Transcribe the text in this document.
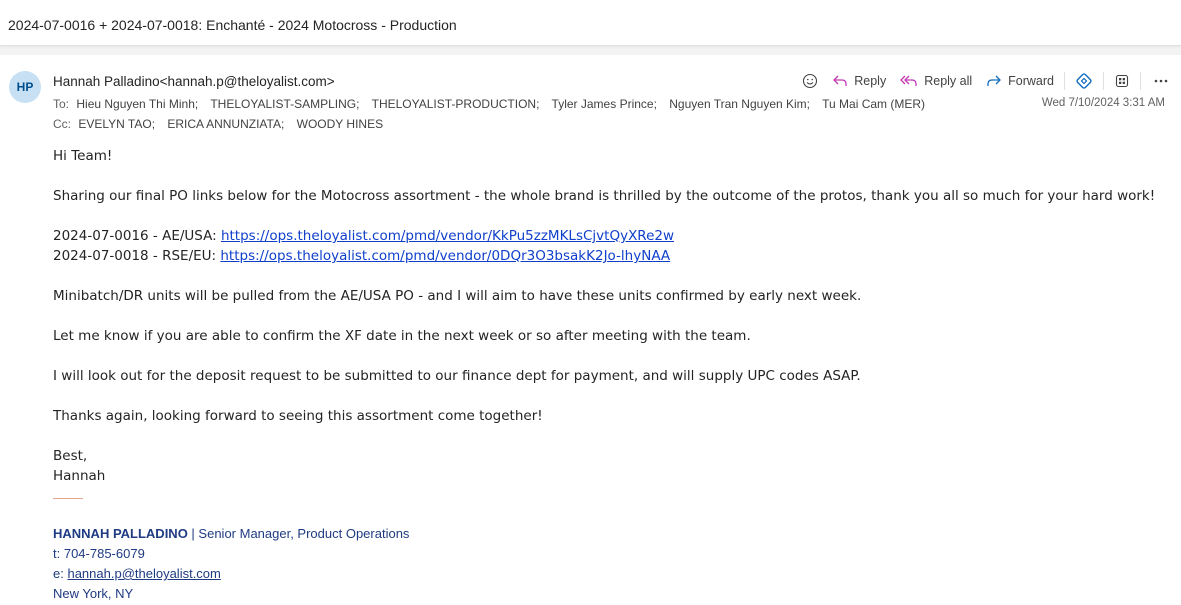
2024-07-0016 + 2024-07-0018: Enchanté - 2024 Motocross - Production
HP	Hannah Palladino<hannah.p@theloyalist.com>	Reply	Reply all	Forward
To: Hieu Nguyen Thi Minh; THELOYALIST-SAMPLING; THELOYALIST-PRODUCTION; Tyler James Prince; Nguyen Tran Nguyen Kim; Tu Mai Cam (MER)	Wed 7/10/2024 3:31 AM
Cc: EVELYN TAO; ERICA ANNUNZIATA; WOODY HINES

Hi Team!

Sharing our final PO links below for the Motocross assortment - the whole brand is thrilled by the outcome of the protos, thank you all so much for your hard work!

2024-07-0016 - AE/USA: https://ops.theloyalist.com/pmd/vendor/KkPu5zzMKLsCjvtQyXRe2w

2024-07-0018 - RSE/EU: https://ops.theloyalist.com/pmd/vendor/0DQr3O3bsakK2Jo-lhyNAA

Minibatch/DR units will be pulled from the AE/USA PO - and I will aim to have these units confirmed by early next week.

Let me know if you are able to confirm the XF date in the next week or so after meeting with the team.

I will look out for the deposit request to be submitted to our finance dept for payment, and will supply UPC codes ASAP.

Thanks again, looking forward to seeing this assortment come together!

Best,

Hannah

HANNAH PALLADINO | Senior Manager, Product Operations
t: 704-785-6079
e: hannah.p@theloyalist.com
New York, NY
